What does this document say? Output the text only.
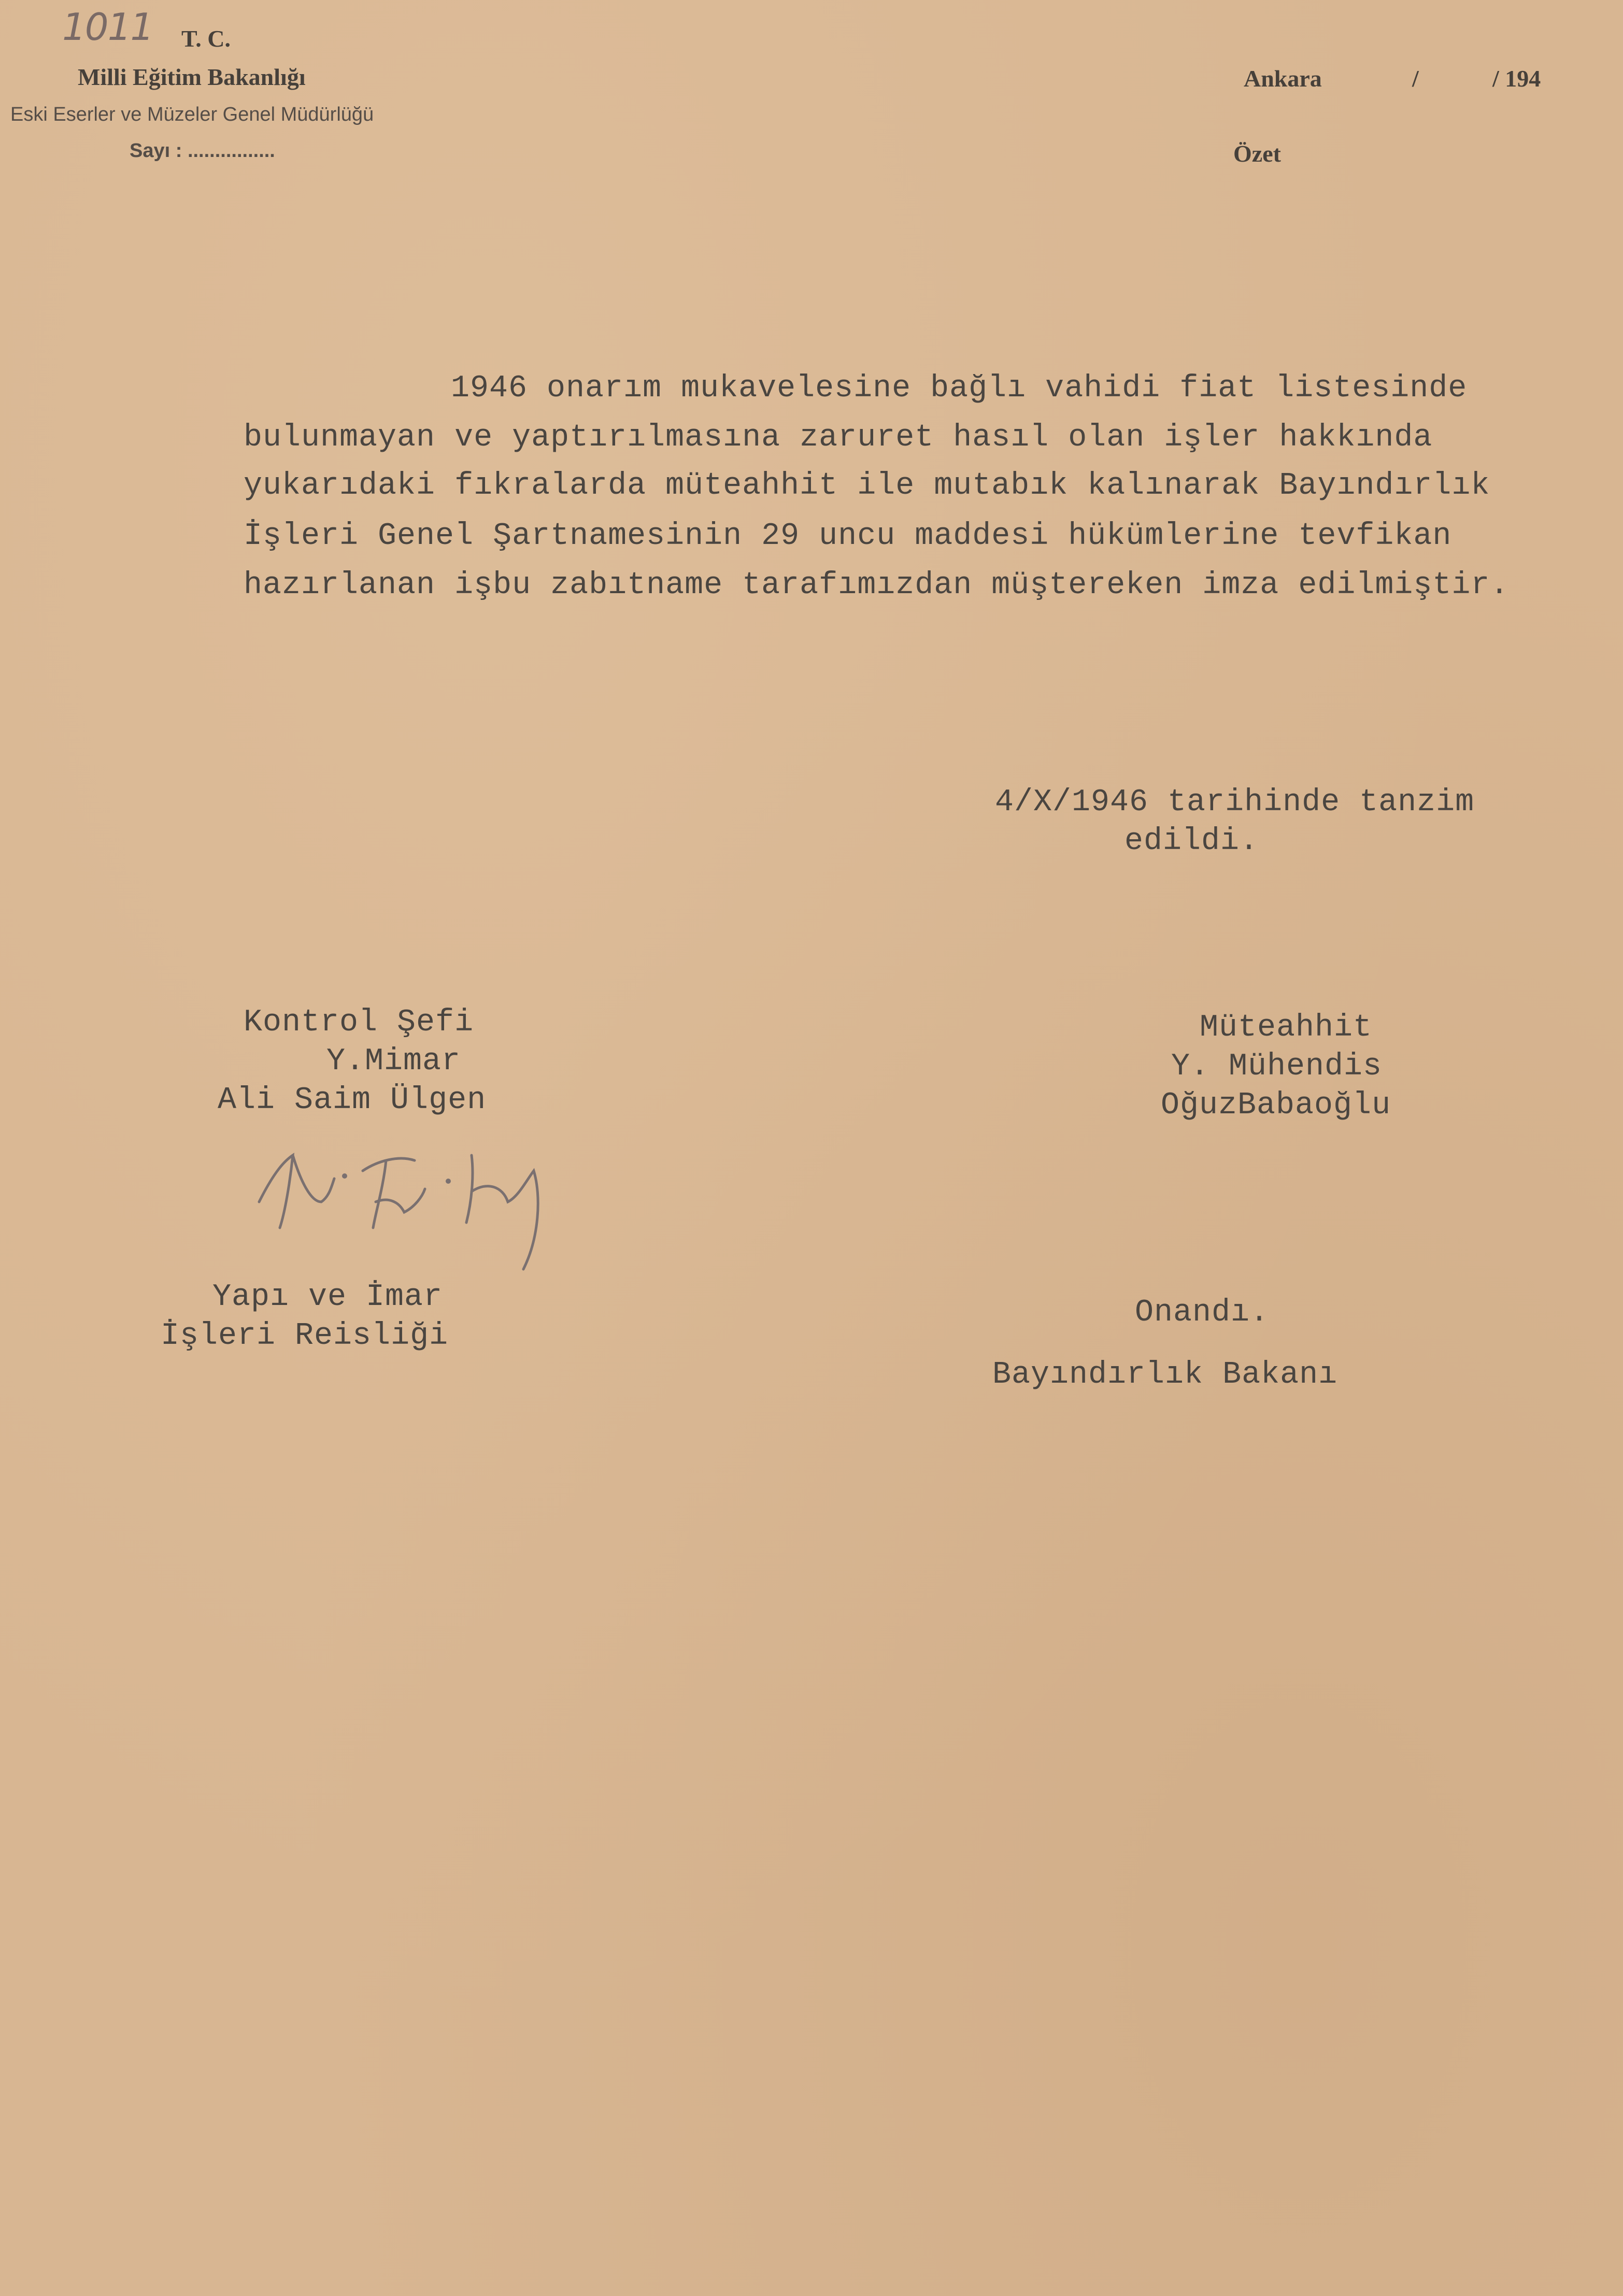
1011 T. C.
Milli Eğitim Bakanlığı
Eski Eserler ve Müzeler Genel Müdürlüğü
Sayı : ................
Ankara	/	/ 194
Özet
1946 onarım mukavelesine bağlı vahidi fiat listesinde
bulunmayan ve yaptırılmasına zaruret hasıl olan işler hakkında
yukarıdaki fıkralarda müteahhit ile mutabık kalınarak Bayındırlık
İşleri Genel Şartnamesinin 29 uncu maddesi hükümlerine tevfikan
hazırlanan işbu zabıtname tarafımızdan müştereken imza edilmiştir.
4/X/1946 tarihinde tanzim
edildi.
Kontrol Şefi
Y.Mimar
Ali Saim Ülgen
Müteahhit
Y. Mühendis
OğuzBabaoğlu
Yapı ve İmar
İşleri Reisliği
Onandı.
Bayındırlık Bakanı
